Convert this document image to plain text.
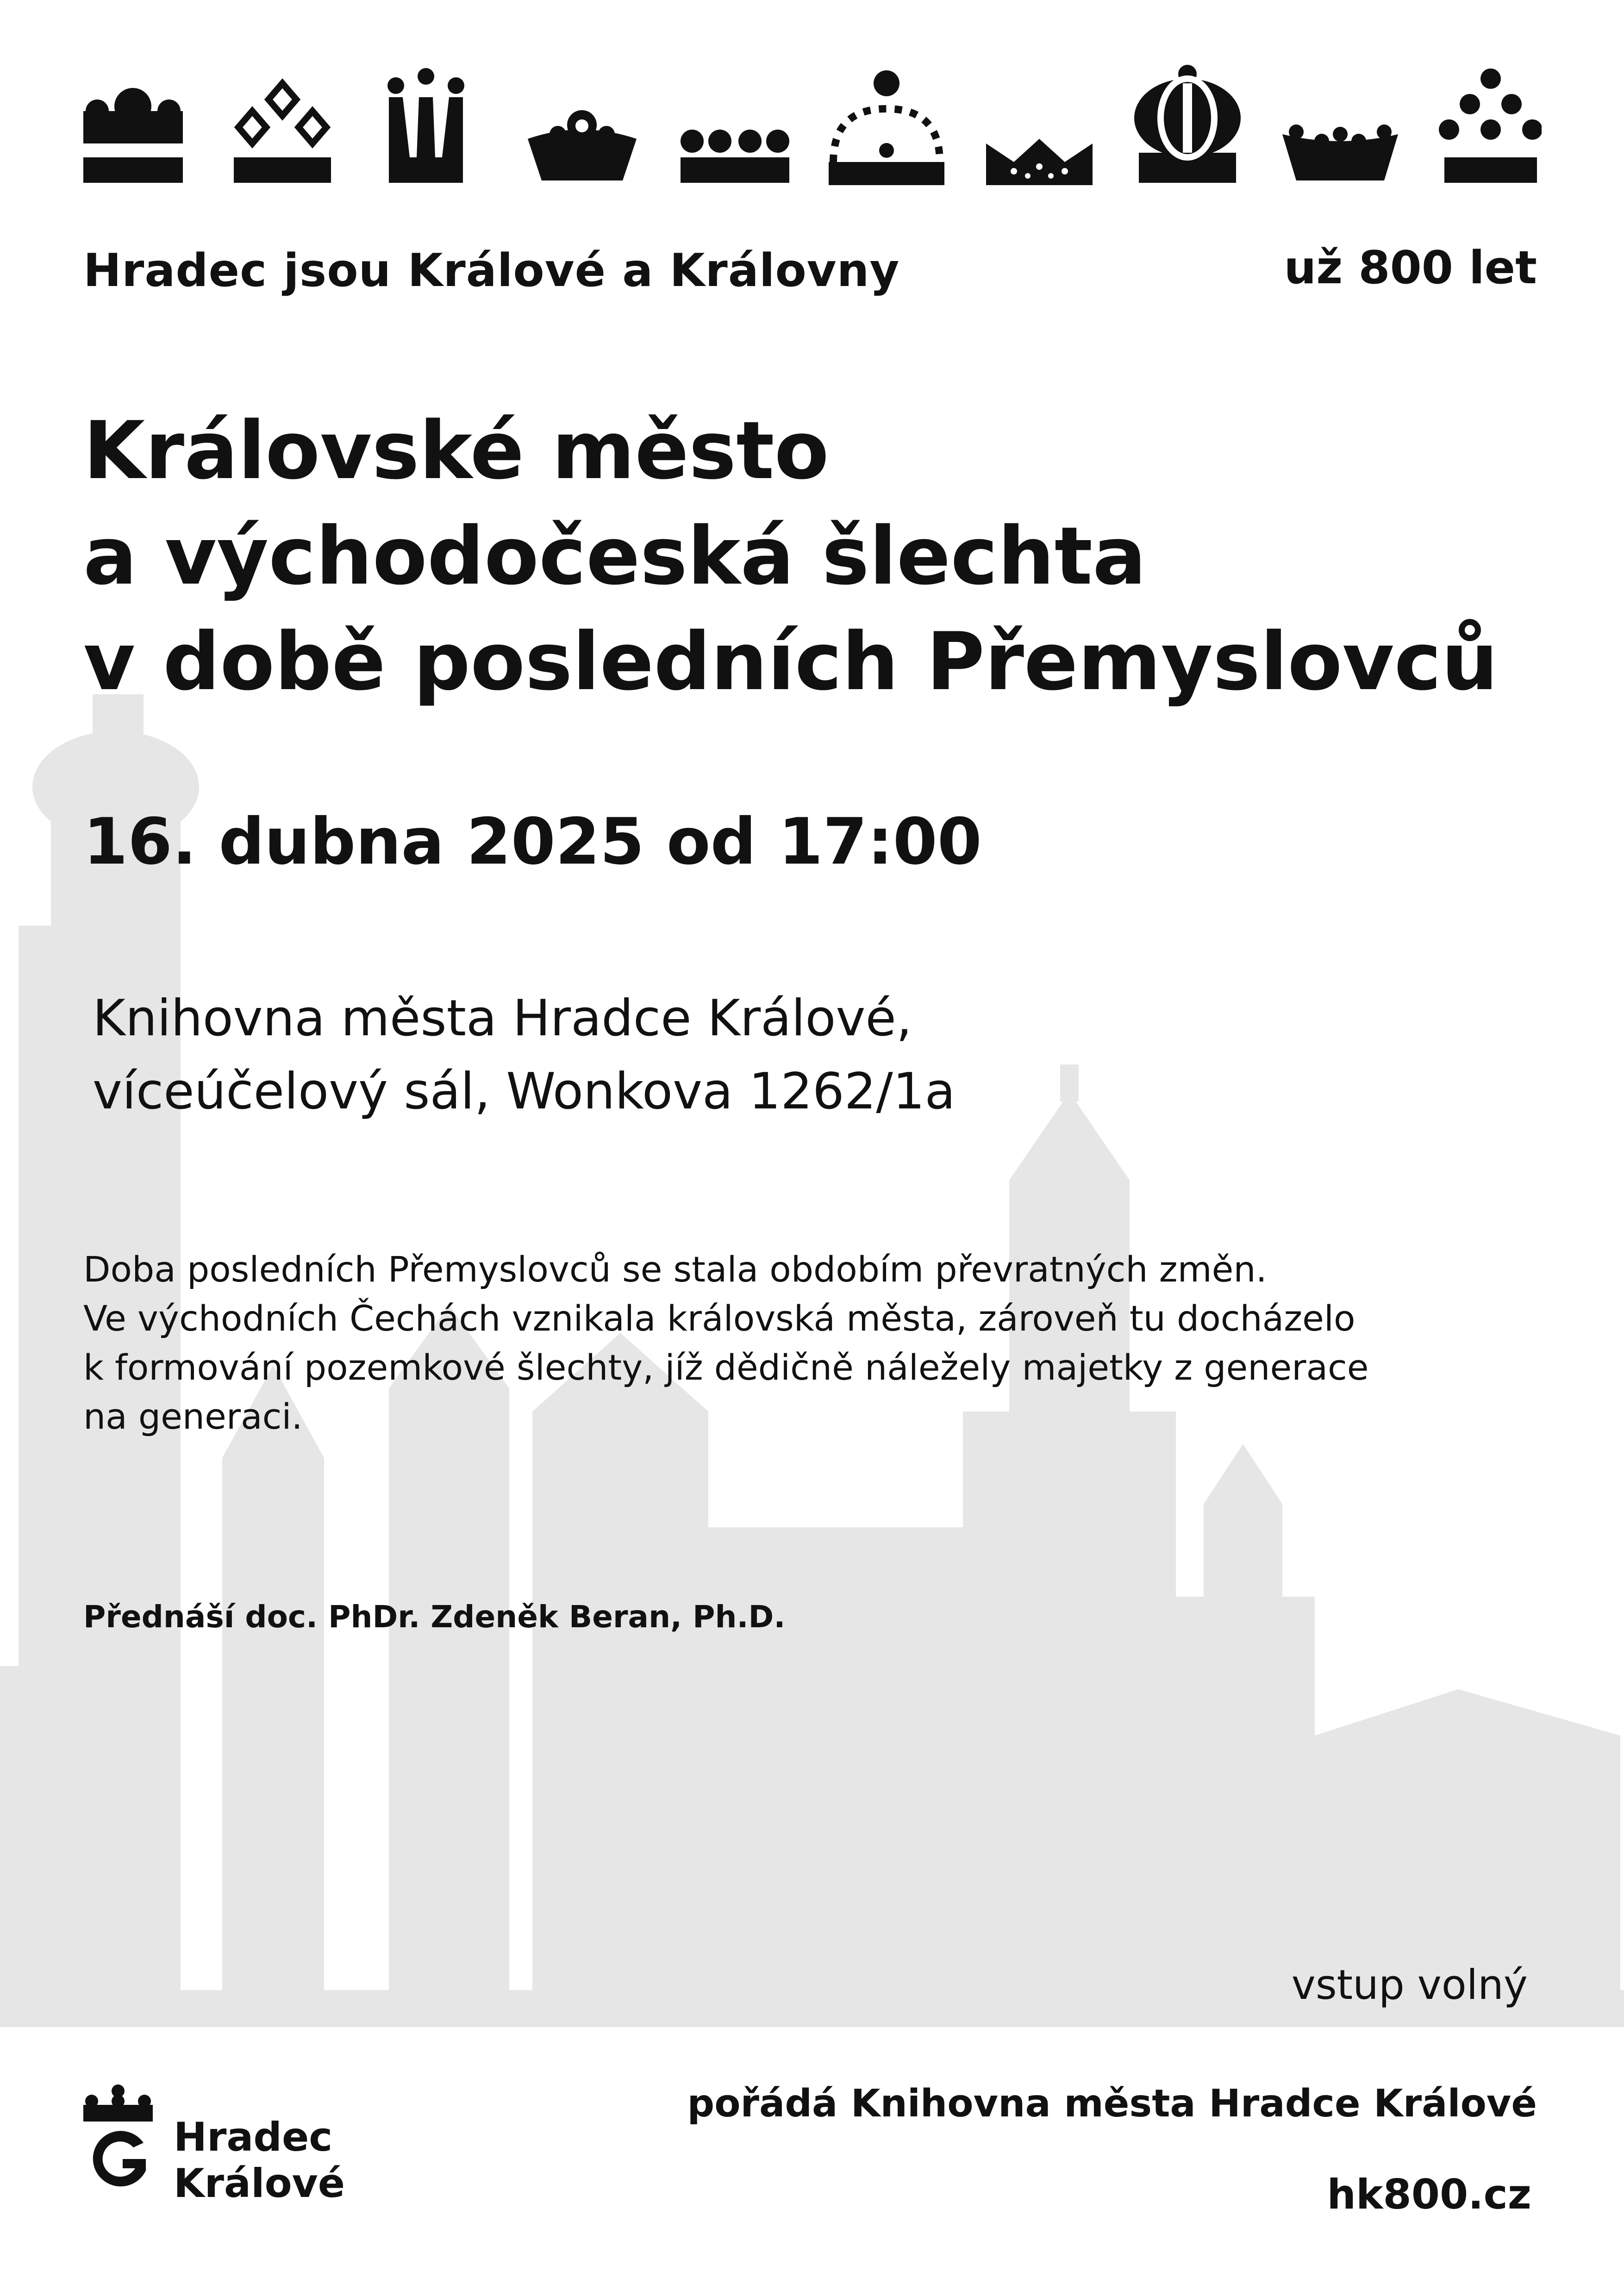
Hradec jsou Králové a Královny	už 800 let
Královské město
a východočeská šlechta
v době posledních Přemyslovců
16. dubna 2025 od 17:00
Knihovna města Hradce Králové,
víceúčelový sál, Wonkova 1262/1a
Doba posledních Přemyslovců se stala obdobím převratných změn.
Ve východních Čechách vznikala královská města, zároveň tu docházelo
k formování pozemkové šlechty, jíž dědičně náležely majetky z generace
na generaci.
Přednáší doc. PhDr. Zdeněk Beran, Ph.D.
vstup volný
Hradec
Králové
pořádá Knihovna města Hradce Králové
hk800.cz
